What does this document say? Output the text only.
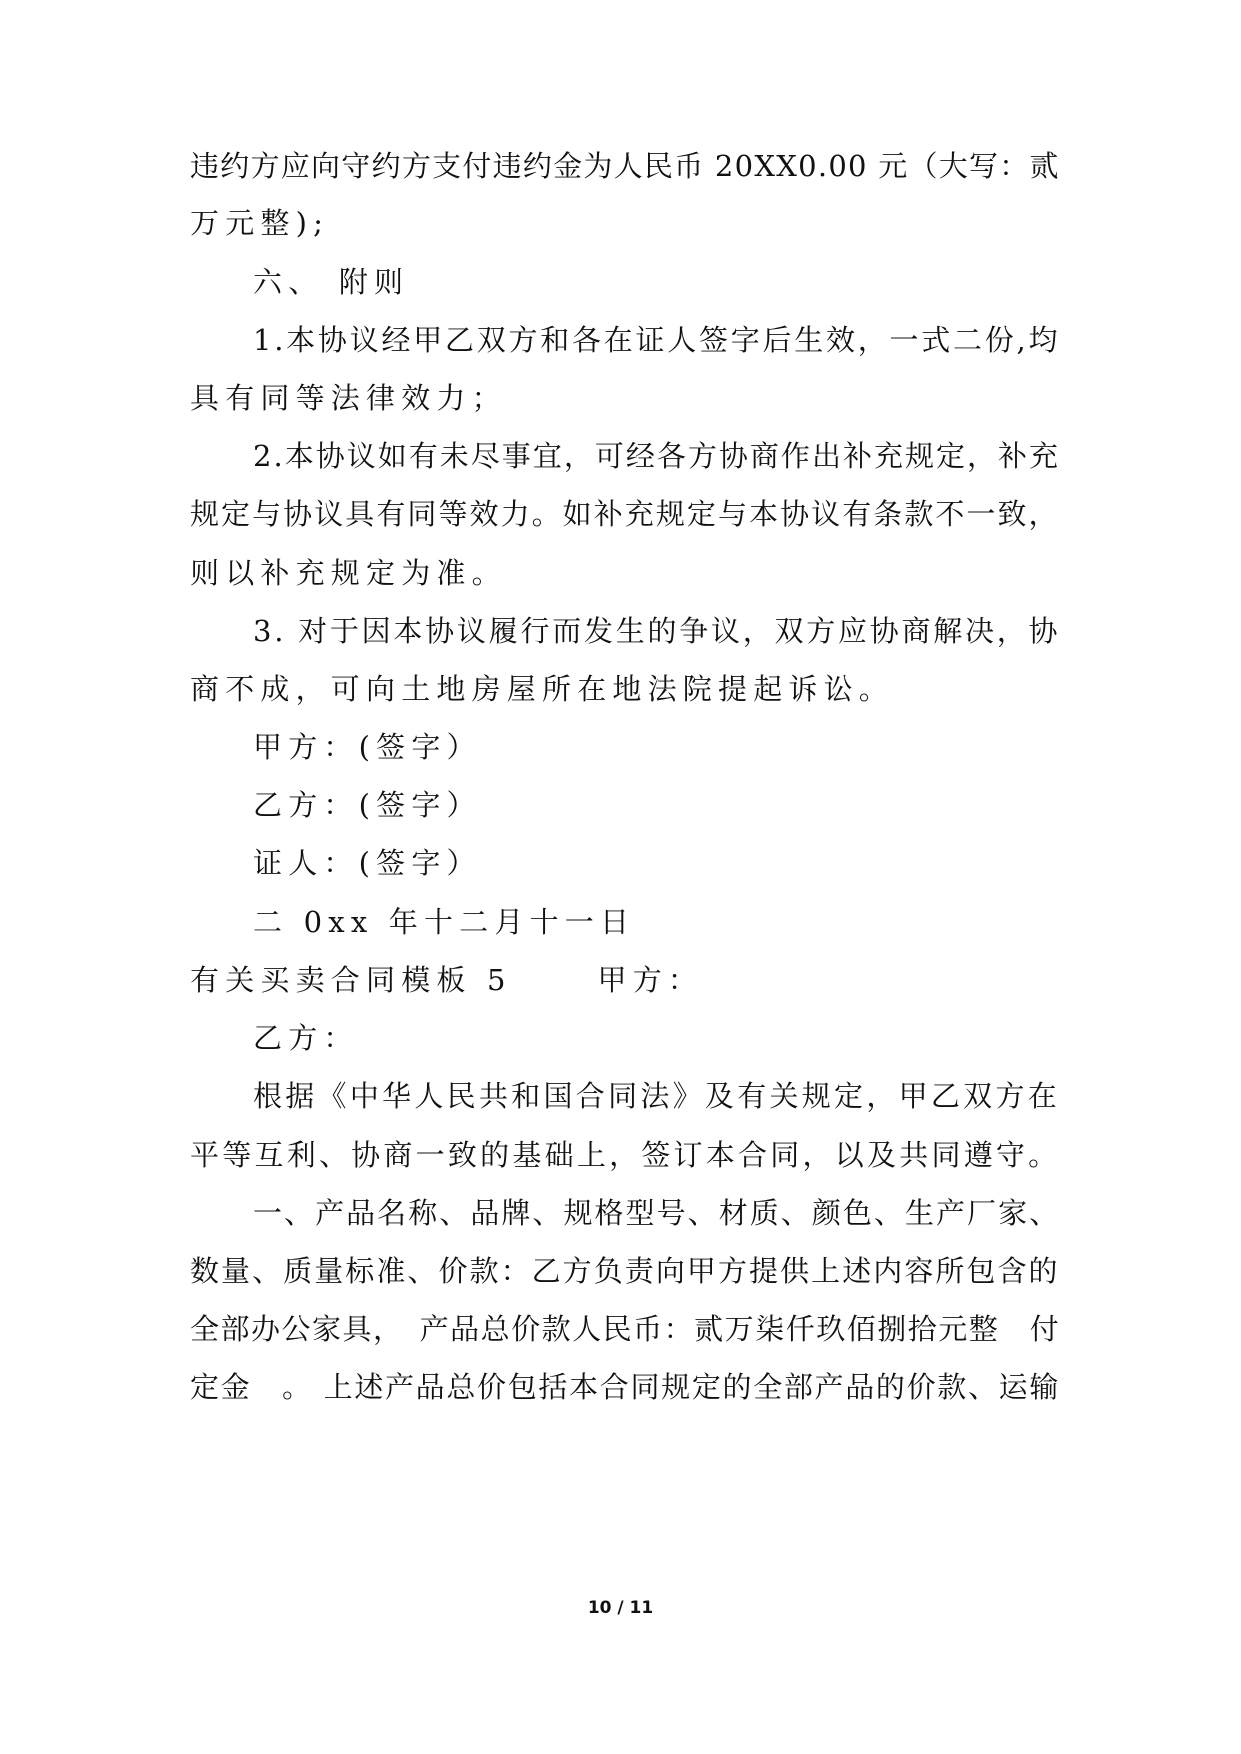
违约方应向守约方支付违约金为人民币 20XX0.00 元（大写：贰
万元整);
六、 附则
1.本协议经甲乙双方和各在证人签字后生效，一式二份,均
具有同等法律效力；
2.本协议如有未尽事宜，可经各方协商作出补充规定，补充
规定与协议具有同等效力。如补充规定与本协议有条款不一致，
则以补充规定为准。
3. 对于因本协议履行而发生的争议，双方应协商解决，协
商不成，可向土地房屋所在地法院提起诉讼。
甲方：(签字）
乙方：(签字）
证人：(签字）
二 0xx 年十二月十一日
有关买卖合同模板 5　　 甲方：
乙方：
根据《中华人民共和国合同法》及有关规定，甲乙双方在
平等互利、协商一致的基础上，签订本合同，以及共同遵守。
一、产品名称、品牌、规格型号、材质、颜色、生产厂家、
数量、质量标准、价款：乙方负责向甲方提供上述内容所包含的
全部办公家具，　产品总价款人民币：贰万柒仟玖佰捌拾元整　付
定金　。 上述产品总价包括本合同规定的全部产品的价款、运输
10 / 11
